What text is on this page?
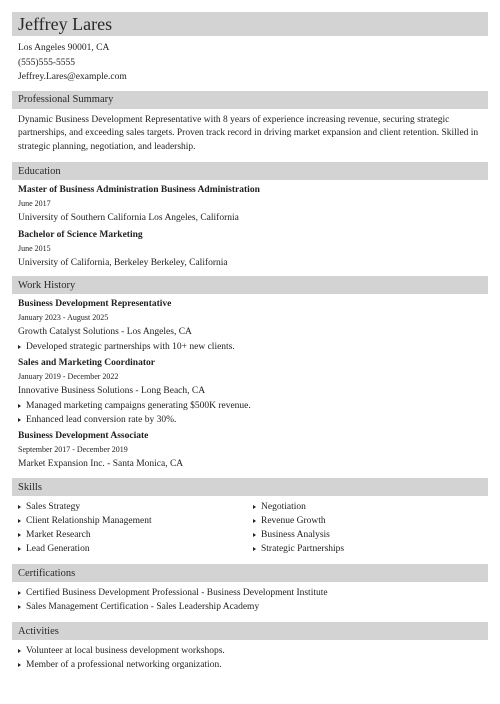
Jeffrey Lares
Los Angeles 90001, CA
(555)555-5555
Jeffrey.Lares@example.com
Professional Summary
Dynamic Business Development Representative with 8 years of experience increasing revenue, securing strategic partnerships, and exceeding sales targets. Proven track record in driving market expansion and client retention. Skilled in strategic planning, negotiation, and leadership.
Education
Master of Business Administration Business Administration
June 2017
University of Southern California Los Angeles, California
Bachelor of Science Marketing
June 2015
University of California, Berkeley Berkeley, California
Work History
Business Development Representative
January 2023 - August 2025
Growth Catalyst Solutions - Los Angeles, CA
Developed strategic partnerships with 10+ new clients.
Sales and Marketing Coordinator
January 2019 - December 2022
Innovative Business Solutions - Long Beach, CA
Managed marketing campaigns generating $500K revenue.
Enhanced lead conversion rate by 30%.
Business Development Associate
September 2017 - December 2019
Market Expansion Inc. - Santa Monica, CA
Skills
Sales Strategy
Client Relationship Management
Market Research
Lead Generation
Negotiation
Revenue Growth
Business Analysis
Strategic Partnerships
Certifications
Certified Business Development Professional - Business Development Institute
Sales Management Certification - Sales Leadership Academy
Activities
Volunteer at local business development workshops.
Member of a professional networking organization.
